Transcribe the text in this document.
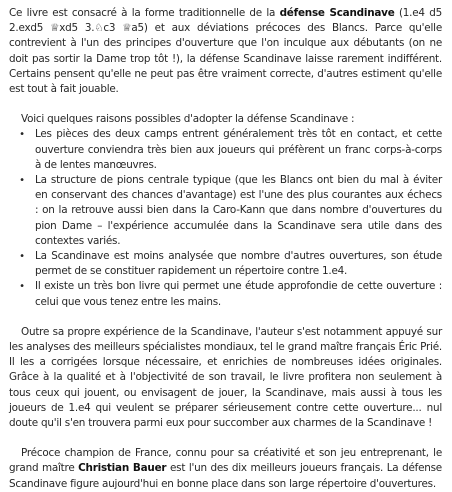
Ce livre est consacré à la forme traditionnelle de la défense Scandinave (1.e4 d5 2.exd5 ♕xd5 3.♘c3 ♕a5) et aux déviations précoces des Blancs. Parce qu'elle contrevient à l'un des principes d'ouverture que l'on inculque aux débutants (on ne doit pas sortir la Dame trop tôt !), la défense Scandinave laisse rarement indifférent. Certains pensent qu'elle ne peut pas être vraiment correcte, d'autres estiment qu'elle est tout à fait jouable.

Voici quelques raisons possibles d'adopter la défense Scandinave :

• Les pièces des deux camps entrent généralement très tôt en contact, et cette ouverture conviendra très bien aux joueurs qui préfèrent un franc corps-à-corps à de lentes manœuvres.
• La structure de pions centrale typique (que les Blancs ont bien du mal à éviter en conservant des chances d'avantage) est l'une des plus courantes aux échecs : on la retrouve aussi bien dans la Caro-Kann que dans nombre d'ouvertures du pion Dame – l'expérience accumulée dans la Scandinave sera utile dans des contextes variés.
• La Scandinave est moins analysée que nombre d'autres ouvertures, son étude permet de se constituer rapidement un répertoire contre 1.e4.
• Il existe un très bon livre qui permet une étude approfondie de cette ouverture : celui que vous tenez entre les mains.

Outre sa propre expérience de la Scandinave, l'auteur s'est notamment appuyé sur les analyses des meilleurs spécialistes mondiaux, tel le grand maître français Éric Prié. Il les a corrigées lorsque nécessaire, et enrichies de nombreuses idées originales. Grâce à la qualité et à l'objectivité de son travail, le livre profitera non seulement à tous ceux qui jouent, ou envisagent de jouer, la Scandinave, mais aussi à tous les joueurs de 1.e4 qui veulent se préparer sérieusement contre cette ouverture... nul doute qu'il s'en trouvera parmi eux pour succomber aux charmes de la Scandinave !

Précoce champion de France, connu pour sa créativité et son jeu entreprenant, le grand maître Christian Bauer est l'un des dix meilleurs joueurs français. La défense Scandinave figure aujourd'hui en bonne place dans son large répertoire d'ouvertures.
